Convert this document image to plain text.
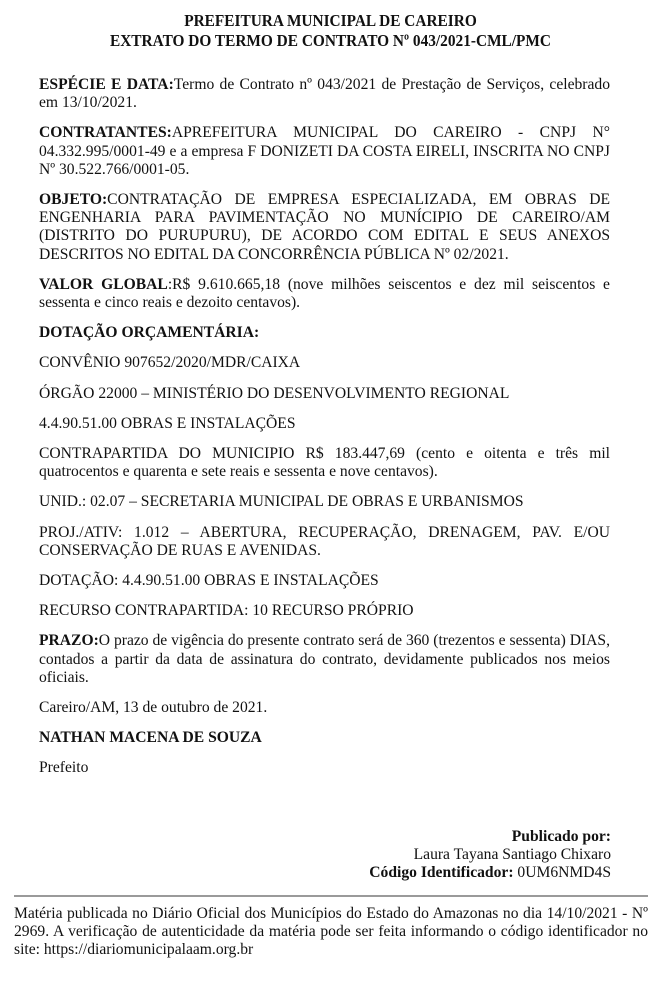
PREFEITURA MUNICIPAL DE CAREIRO
EXTRATO DO TERMO DE CONTRATO Nº 043/2021-CML/PMC

ESPÉCIE E DATA:Termo de Contrato nº 043/2021 de Prestação de Serviços, celebrado em 13/10/2021.

CONTRATANTES:APREFEITURA MUNICIPAL DO CAREIRO - CNPJ N° 04.332.995/0001-49 e a empresa F DONIZETI DA COSTA EIRELI, INSCRITA NO CNPJ Nº 30.522.766/0001-05.

OBJETO:CONTRATAÇÃO DE EMPRESA ESPECIALIZADA, EM OBRAS DE ENGENHARIA PARA PAVIMENTAÇÃO NO MUNÍCIPIO DE CAREIRO/AM (DISTRITO DO PURUPURU), DE ACORDO COM EDITAL E SEUS ANEXOS DESCRITOS NO EDITAL DA CONCORRÊNCIA PÚBLICA Nº 02/2021.

VALOR GLOBAL:R$ 9.610.665,18 (nove milhões seiscentos e dez mil seiscentos e sessenta e cinco reais e dezoito centavos).

DOTAÇÃO ORÇAMENTÁRIA:

CONVÊNIO 907652/2020/MDR/CAIXA

ÓRGÃO 22000 – MINISTÉRIO DO DESENVOLVIMENTO REGIONAL

4.4.90.51.00 OBRAS E INSTALAÇÕES

CONTRAPARTIDA DO MUNICIPIO R$ 183.447,69 (cento e oitenta e três mil quatrocentos e quarenta e sete reais e sessenta e nove centavos).

UNID.: 02.07 – SECRETARIA MUNICIPAL DE OBRAS E URBANISMOS

PROJ./ATIV: 1.012 – ABERTURA, RECUPERAÇÃO, DRENAGEM, PAV. E/OU CONSERVAÇÃO DE RUAS E AVENIDAS.

DOTAÇÃO: 4.4.90.51.00 OBRAS E INSTALAÇÕES

RECURSO CONTRAPARTIDA: 10 RECURSO PRÓPRIO

PRAZO:O prazo de vigência do presente contrato será de 360 (trezentos e sessenta) DIAS, contados a partir da data de assinatura do contrato, devidamente publicados nos meios oficiais.

Careiro/AM, 13 de outubro de 2021.

NATHAN MACENA DE SOUZA

Prefeito

Publicado por:
Laura Tayana Santiago Chixaro
Código Identificador: 0UM6NMD4S
Matéria publicada no Diário Oficial dos Municípios do Estado do Amazonas no dia 14/10/2021 - Nº 2969. A verificação de autenticidade da matéria pode ser feita informando o código identificador no site: https://diariomunicipalaam.org.br
